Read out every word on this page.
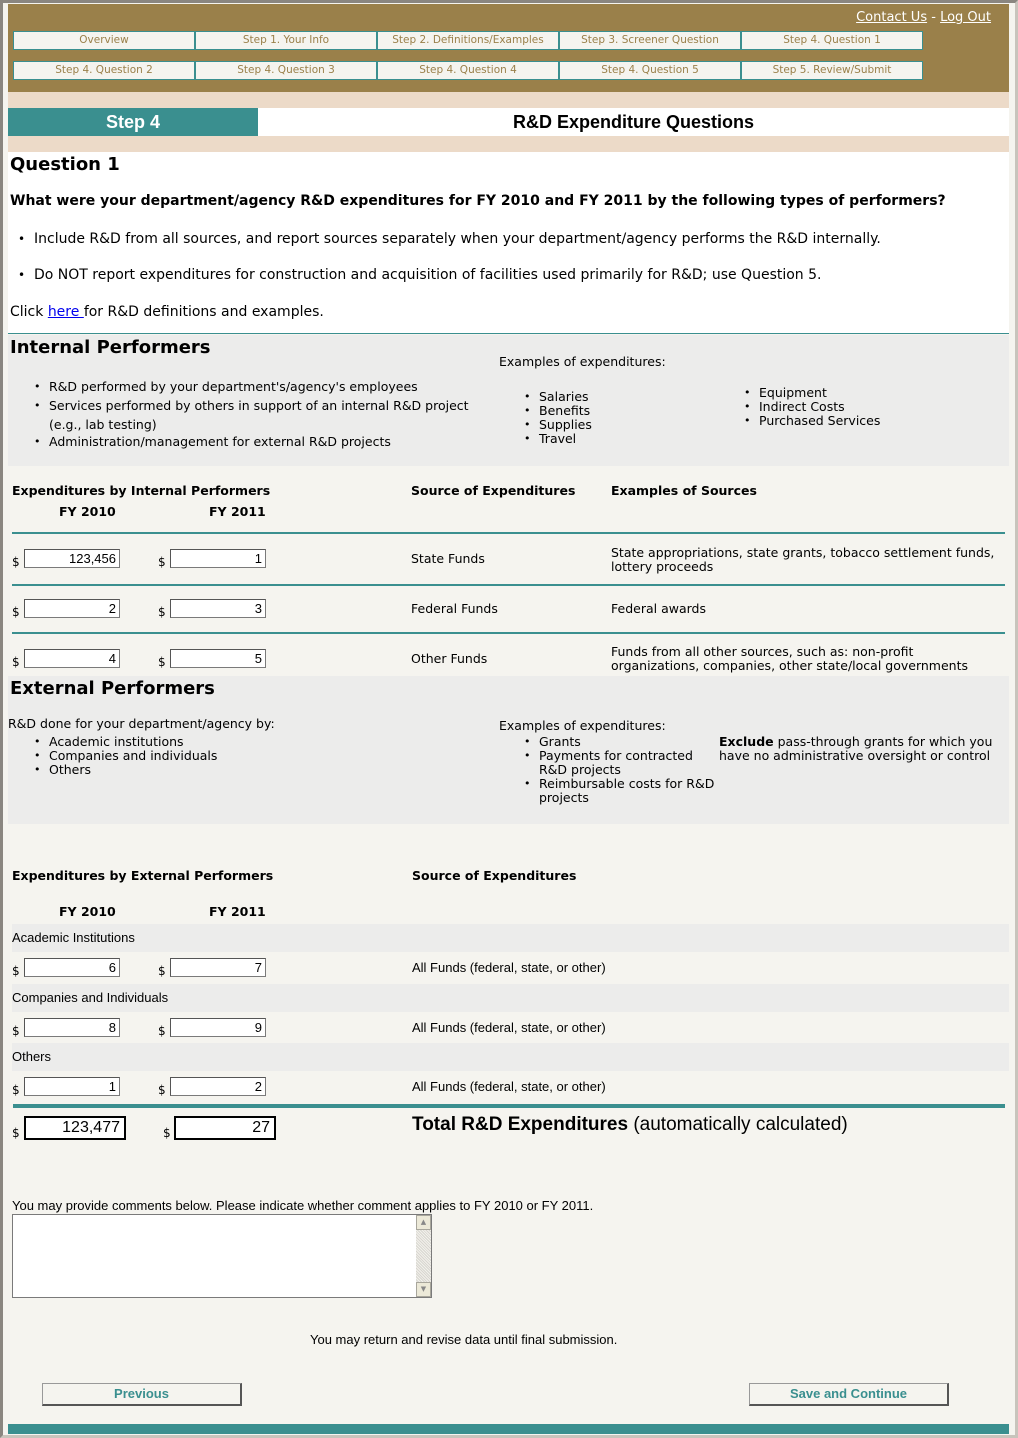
Contact Us - Log Out
Overview	Step 1. Your Info	Step 2. Definitions/Examples	Step 3. Screener Question	Step 4. Question 1
Step 4. Question 2	Step 4. Question 3	Step 4. Question 4	Step 4. Question 5	Step 5. Review/Submit
Step 4	R&D Expenditure Questions
Question 1
What were your department/agency R&D expenditures for FY 2010 and FY 2011 by the following types of performers?
• Include R&D from all sources, and report sources separately when your department/agency performs the R&D internally.
• Do NOT report expenditures for construction and acquisition of facilities used primarily for R&D; use Question 5.
Click here for R&D definitions and examples.
Internal Performers
• R&D performed by your department's/agency's employees
• Services performed by others in support of an internal R&D project
(e.g., lab testing)
• Administration/management for external R&D projects
Examples of expenditures:
• Salaries
• Benefits
• Supplies
• Travel
• Equipment
• Indirect Costs
• Purchased Services
Expenditures by Internal Performers
FY 2010	FY 2011
Source of Expenditures	Examples of Sources
$	123,456	$	1	State Funds	State appropriations, state grants, tobacco settlement funds,
lottery proceeds
$	2	$	3	Federal Funds	Federal awards
$	4	$	5	Other Funds	Funds from all other sources, such as: non-profit
organizations, companies, other state/local governments
External Performers
R&D done for your department/agency by:
• Academic institutions
• Companies and individuals
• Others
Examples of expenditures:
• Grants
• Payments for contracted
R&D projects
• Reimbursable costs for R&D
projects
Exclude pass-through grants for which you
have no administrative oversight or control
Expenditures by External Performers	Source of Expenditures
FY 2010	FY 2011
Academic Institutions
$	6	$	7	All Funds (federal, state, or other)
Companies and Individuals
$	8	$	9	All Funds (federal, state, or other)
Others
$	1	$	2	All Funds (federal, state, or other)
$	123,477	$	27	Total R&D Expenditures (automatically calculated)
You may provide comments below. Please indicate whether comment applies to FY 2010 or FY 2011.
▲
▼
You may return and revise data until final submission.
Previous	Save and Continue
